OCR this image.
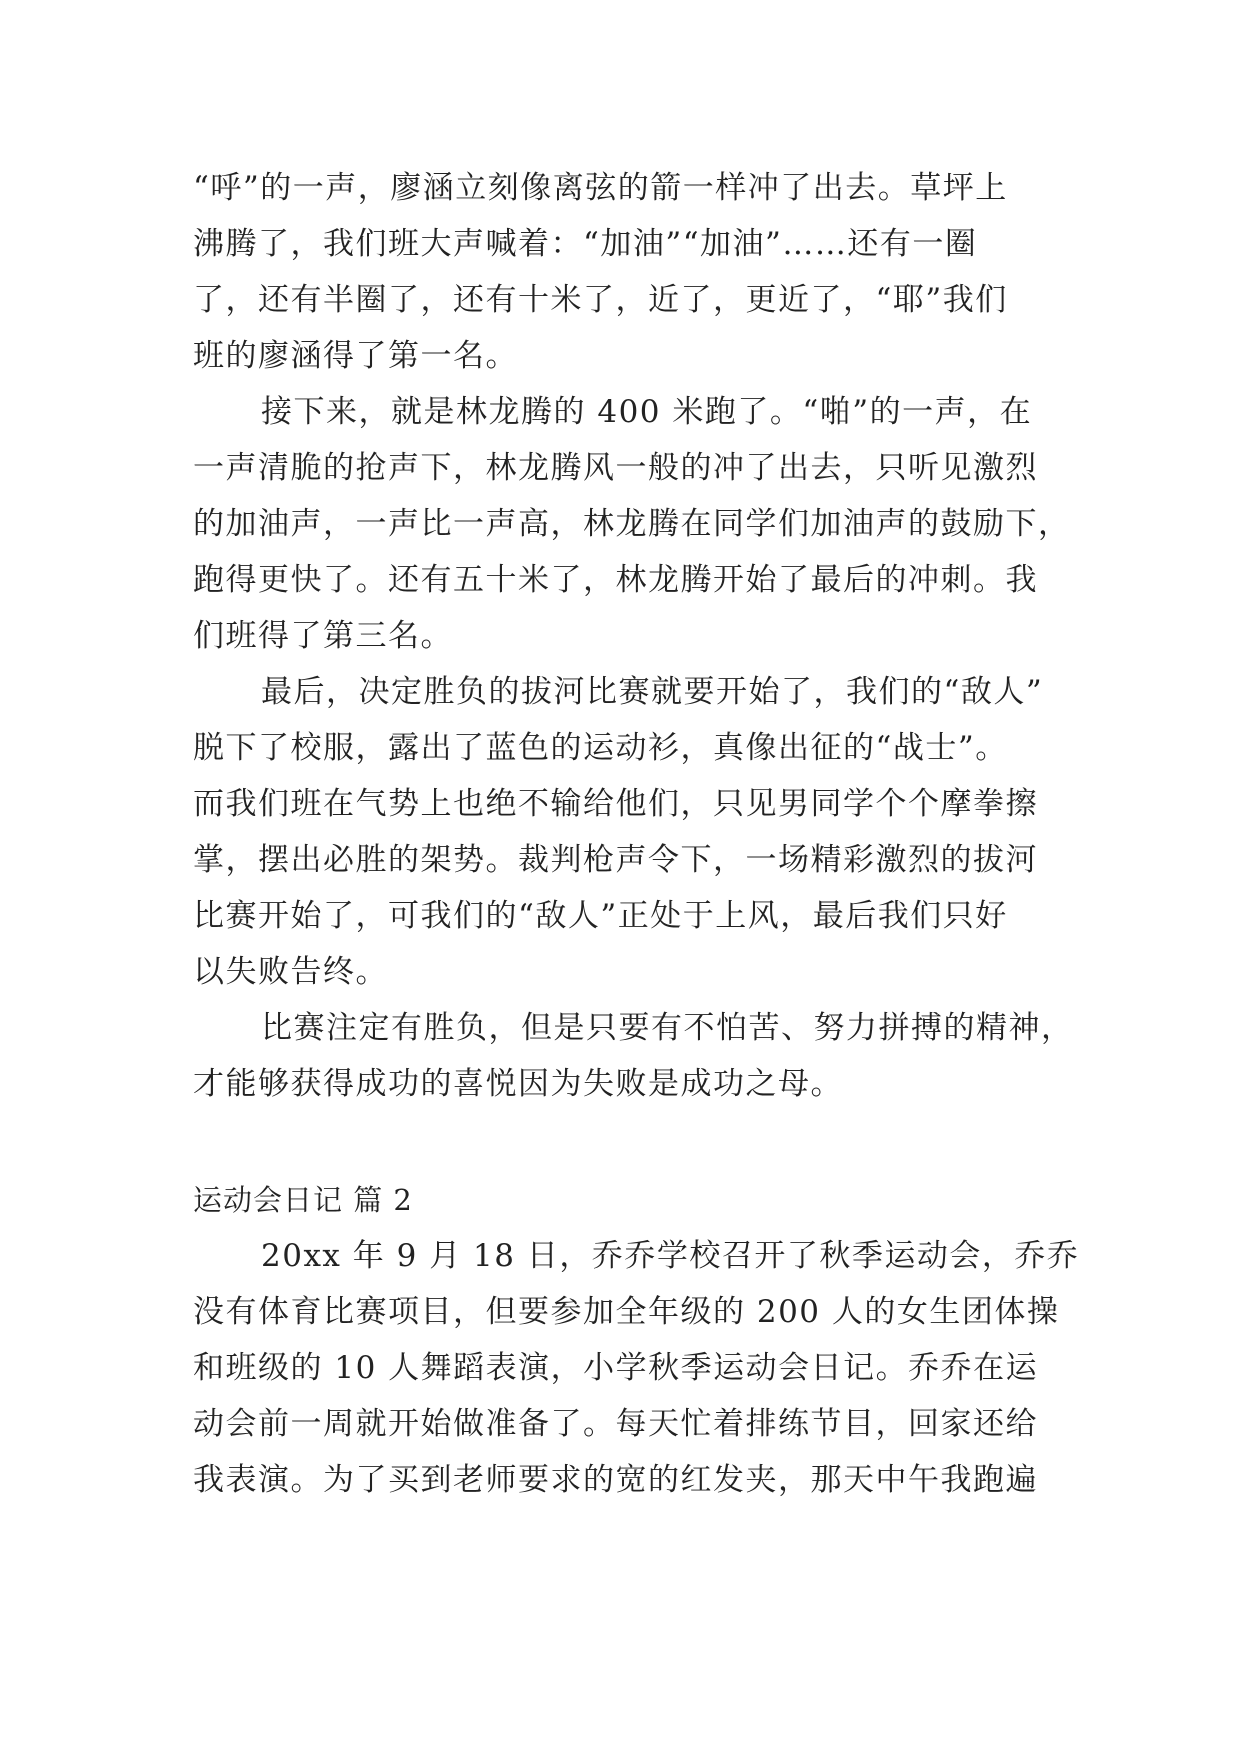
“呼”的一声，廖涵立刻像离弦的箭一样冲了出去。草坪上
沸腾了，我们班大声喊着：“加油”“加油”……还有一圈
了，还有半圈了，还有十米了，近了，更近了，“耶”我们
班的廖涵得了第一名。
接下来，就是林龙腾的 400 米跑了。“啪”的一声，在
一声清脆的抢声下，林龙腾风一般的冲了出去，只听见激烈
的加油声，一声比一声高，林龙腾在同学们加油声的鼓励下，
跑得更快了。还有五十米了，林龙腾开始了最后的冲刺。我
们班得了第三名。
最后，决定胜负的拔河比赛就要开始了，我们的“敌人”
脱下了校服，露出了蓝色的运动衫，真像出征的“战士”。
而我们班在气势上也绝不输给他们，只见男同学个个摩拳擦
掌，摆出必胜的架势。裁判枪声令下，一场精彩激烈的拔河
比赛开始了，可我们的“敌人”正处于上风，最后我们只好
以失败告终。
比赛注定有胜负，但是只要有不怕苦、努力拼搏的精神，
才能够获得成功的喜悦因为失败是成功之母。
运动会日记 篇 2
20xx 年 9 月 18 日，乔乔学校召开了秋季运动会，乔乔
没有体育比赛项目，但要参加全年级的 200 人的女生团体操
和班级的 10 人舞蹈表演，小学秋季运动会日记。乔乔在运
动会前一周就开始做准备了。每天忙着排练节目，回家还给
我表演。为了买到老师要求的宽的红发夹，那天中午我跑遍
